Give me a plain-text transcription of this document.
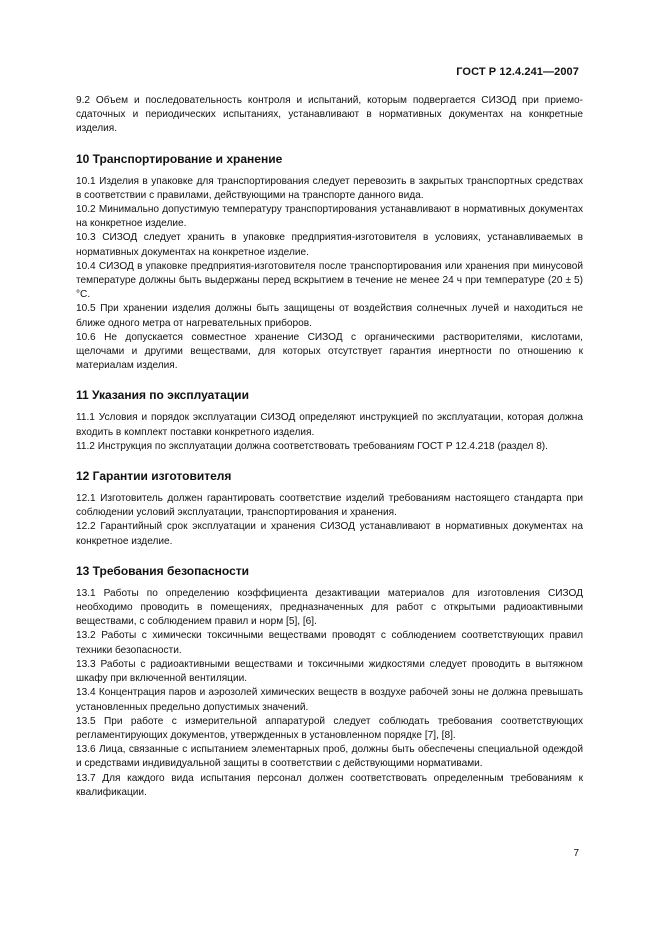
ГОСТ Р 12.4.241—2007

9.2 Объем и последовательность контроля и испытаний, которым подвергается СИЗОД при приемо-сдаточных и периодических испытаниях, устанавливают в нормативных документах на конкретные изделия.

10 Транспортирование и хранение

10.1 Изделия в упаковке для транспортирования следует перевозить в закрытых транспортных средствах в соответствии с правилами, действующими на транспорте данного вида.

10.2 Минимально допустимую температуру транспортирования устанавливают в нормативных документах на конкретное изделие.

10.3 СИЗОД следует хранить в упаковке предприятия-изготовителя в условиях, устанавливаемых в нормативных документах на конкретное изделие.

10.4 СИЗОД в упаковке предприятия-изготовителя после транспортирования или хранения при минусовой температуре должны быть выдержаны перед вскрытием в течение не менее 24 ч при температуре (20 ± 5) °С.

10.5 При хранении изделия должны быть защищены от воздействия солнечных лучей и находиться не ближе одного метра от нагревательных приборов.

10.6 Не допускается совместное хранение СИЗОД с органическими растворителями, кислотами, щелочами и другими веществами, для которых отсутствует гарантия инертности по отношению к материалам изделия.

11 Указания по эксплуатации

11.1 Условия и порядок эксплуатации СИЗОД определяют инструкцией по эксплуатации, которая должна входить в комплект поставки конкретного изделия.

11.2 Инструкция по эксплуатации должна соответствовать требованиям ГОСТ Р 12.4.218 (раздел 8).

12 Гарантии изготовителя

12.1 Изготовитель должен гарантировать соответствие изделий требованиям настоящего стандарта при соблюдении условий эксплуатации, транспортирования и хранения.

12.2 Гарантийный срок эксплуатации и хранения СИЗОД устанавливают в нормативных документах на конкретное изделие.

13 Требования безопасности

13.1 Работы по определению коэффициента дезактивации материалов для изготовления СИЗОД необходимо проводить в помещениях, предназначенных для работ с открытыми радиоактивными веществами, с соблюдением правил и норм [5], [6].

13.2 Работы с химически токсичными веществами проводят с соблюдением соответствующих правил техники безопасности.

13.3 Работы с радиоактивными веществами и токсичными жидкостями следует проводить в вытяжном шкафу при включенной вентиляции.

13.4 Концентрация паров и аэрозолей химических веществ в воздухе рабочей зоны не должна превышать установленных предельно допустимых значений.

13.5 При работе с измерительной аппаратурой следует соблюдать требования соответствующих регламентирующих документов, утвержденных в установленном порядке [7], [8].

13.6 Лица, связанные с испытанием элементарных проб, должны быть обеспечены специальной одеждой и средствами индивидуальной защиты в соответствии с действующими нормативами.

13.7 Для каждого вида испытания персонал должен соответствовать определенным требованиям к квалификации.

7
